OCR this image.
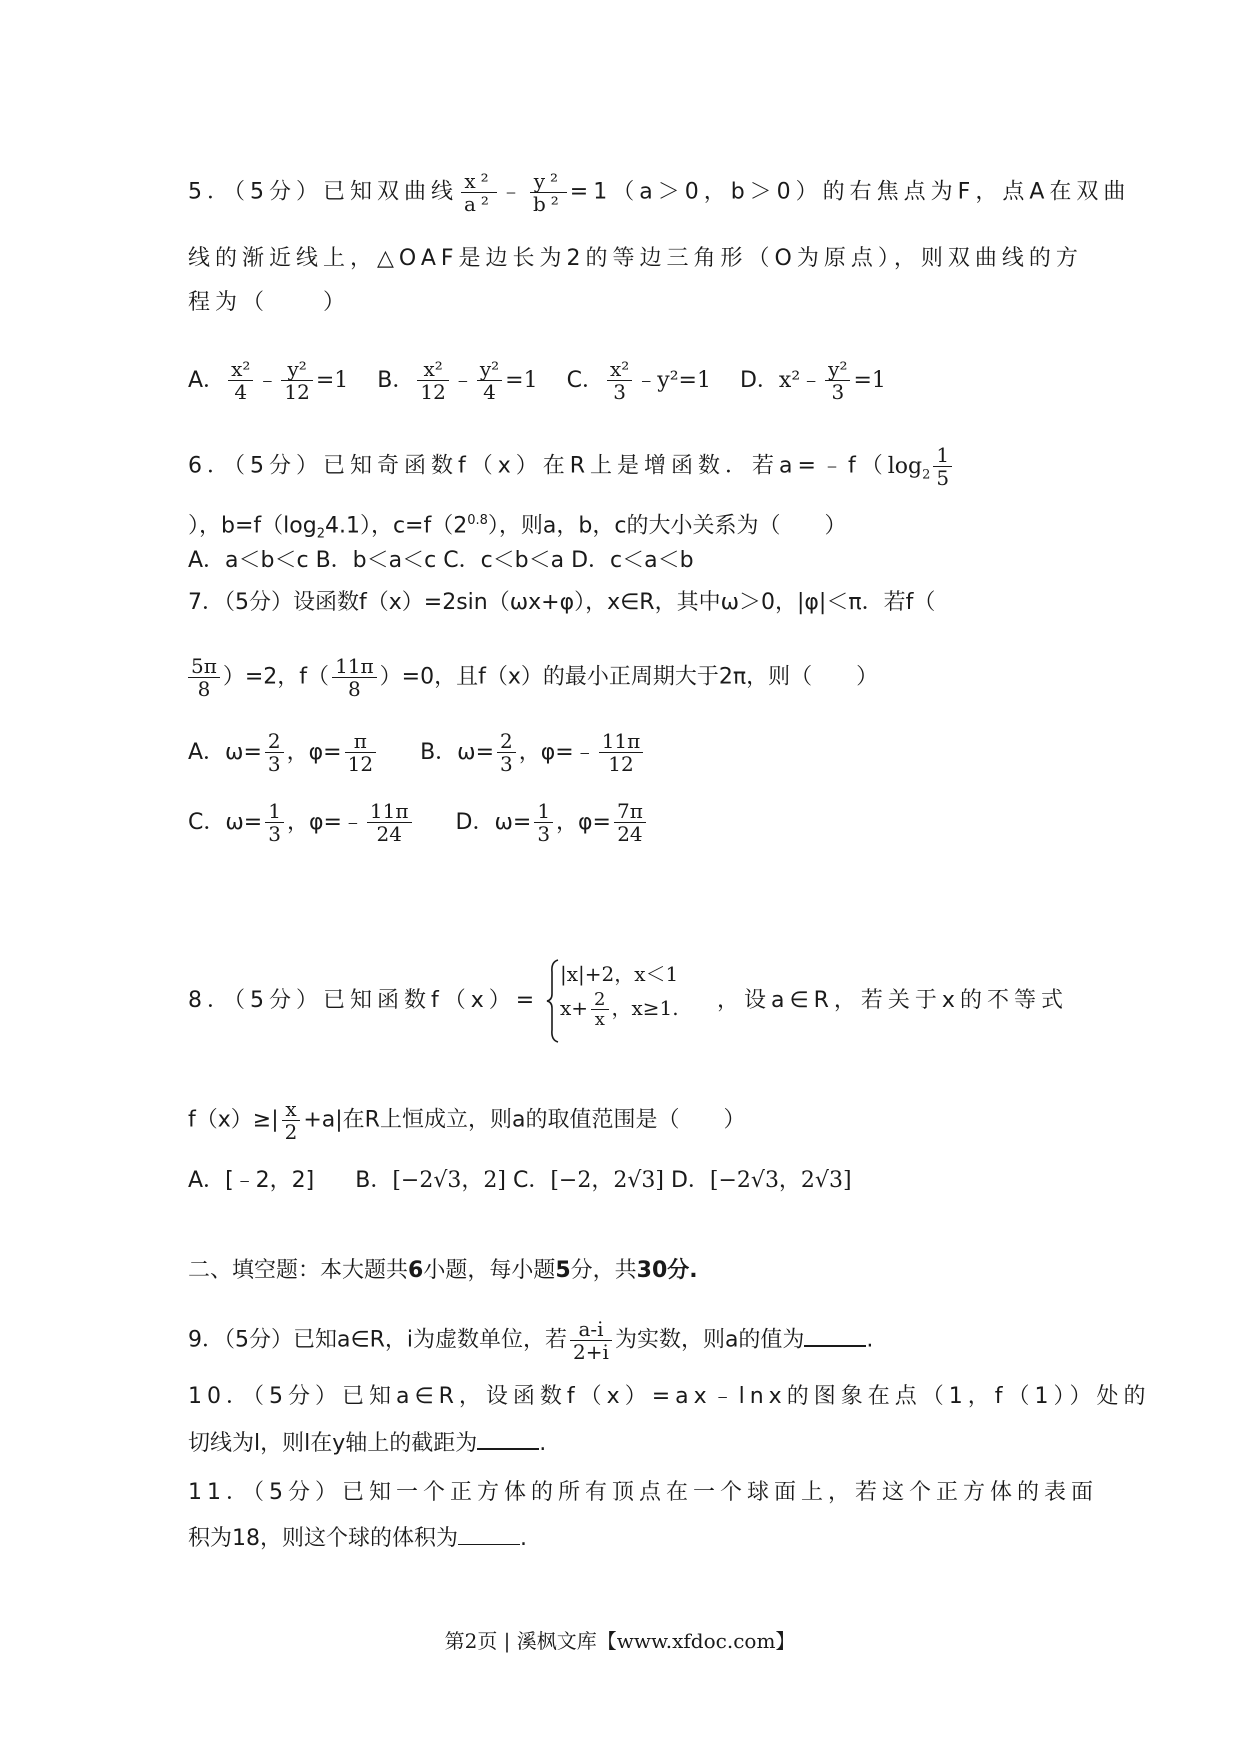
5．（5分）已知双曲线 $\frac{\text{x²}}{\text{a²}}$ ﹣ $\frac{\text{y²}}{\text{b²}} =1(a>0$，b＞0）的右焦点为F，点A在双曲
线的渐近线上，△OAF是边长为2的等边三角形（O为原点），则双曲线的方
程为（　　）
A． $\frac{\text{x²}}{4}$ ﹣ $\frac{\text{y²}}{12} =1$ B． $\frac{\text{x²}}{12}$ ﹣ $\frac{\text{y²}}{4} =1$ C． $\frac{\text{x²}}{3}$ ﹣y²=1 D．x²﹣ $\frac{\text{y²}}{3} =1$
6．（5分）已知奇函数f（x）在R上是增函数．若$a=﹣f(\log_2 \frac{1}{5}$
），$b=f(\log_24.1)$，$c=f(2^{0.8})$，则a，b，c的大小关系为（　　）
A．a＜b＜c B．b＜a＜c C．c＜b＜a D．c＜a＜b
7．（5分）设函数f（x）=2sin（ωx+φ），x∈R，其中ω＞0，|φ|＜π．若f（
$\frac{5\pi}{8} )=2$，$f( \frac{11\pi}{8} )=0$，且f（x）的最小正周期大于2π，则（　　）
A．$\omega= \frac{2}{3}$ ，$\varphi= \frac{\pi}{12}$ B．$\omega= \frac{2}{3}$ ，φ=﹣ $\frac{11\pi}{12}$
C．$\omega= \frac{1}{3}$ ，φ=﹣ $\frac{11\pi}{24}$ D．$\omega= \frac{1}{3}$ ，$\varphi= \frac{7\pi}{24}$
8．（5分）已知函数f（x）=
|x|+2，x＜1
$x+ \frac{2}{x}$ ，x≥1. ，设a∈R，若关于x的不等式
$f(x)\ge| \frac{x}{2} +a|$在R上恒成立，则a的取值范围是（　　）
A．[﹣2，2] B．[−2√3，2] C．[−2，2√3] D．[−2√3，2√3]
二、填空题：本大题共6小题，每小题5分，共30分.
9．（5分）已知a∈R，i为虚数单位，若 $\frac{a-i}{2+i}$ 为实数，则a的值为	.
10．（5分）已知a∈R，设函数f（x）=ax﹣lnx的图象在点（1，f（1））处的
切线为l，则l在y轴上的截距为	.
11．（5分）已知一个正方体的所有顶点在一个球面上，若这个正方体的表面
积为18，则这个球的体积为	.
第2页 | 溪枫文库【www.xfdoc.com】
